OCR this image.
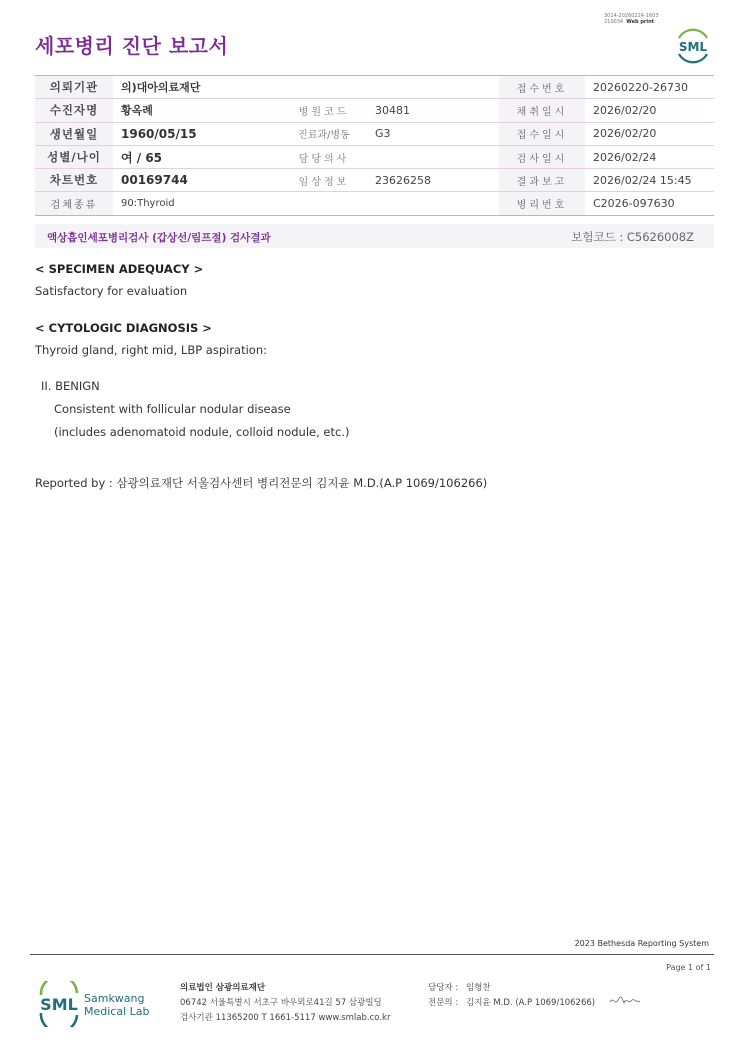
3014-20260224-1603
210034 Web print
세포병리 진단 보고서	SML
의뢰기관	의)대아의료재단			접수번호	20260220-26730
수진자명	황옥례	병원코드	30481	채취일시	2026/02/20
생년월일	1960/05/15	진료과/병동	G3	접수일시	2026/02/20
성별/나이	여 / 65	담당의사		검사일시	2026/02/24
차트번호	00169744	임상정보	23626258	결과보고	2026/02/24 15:45
검체종류	90:Thyroid			병리번호	C2026-097630
액상흡인세포병리검사 (갑상선/림프절) 검사결과	보험코드 : C5626008Z
< SPECIMEN ADEQUACY >
Satisfactory for evaluation
< CYTOLOGIC DIAGNOSIS >
Thyroid gland, right mid, LBP aspiration:
II. BENIGN
Consistent with follicular nodular disease
(includes adenomatoid nodule, colloid nodule, etc.)
Reported by : 삼광의료재단 서울검사센터 병리전문의 김지윤 M.D.(A.P 1069/106266)
2023 Bethesda Reporting System
Page 1 of 1
SML Samkwang
Medical Lab
의료법인 삼광의료재단
06742 서울특별시 서초구 바우뫼로41길 57 삼광빌딩
검사기관 11365200 T 1661-5117 www.smlab.co.kr
담당자 : 임형찬
전문의 : 김지윤 M.D. (A.P 1069/106266)
